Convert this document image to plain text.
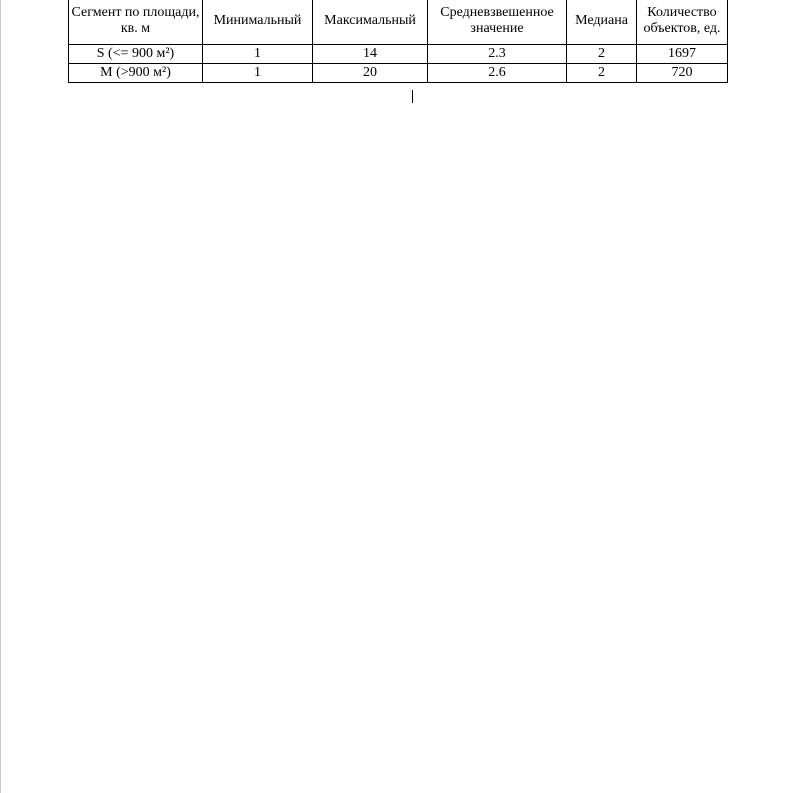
Сегмент по площади, кв. м	Минимальный	Максимальный	Средневзвешенное значение	Медиана	Количество объектов, ед.
S (<= 900 м²)	1	14	2.3	2	1697
M (>900 м²)	1	20	2.6	2	720
